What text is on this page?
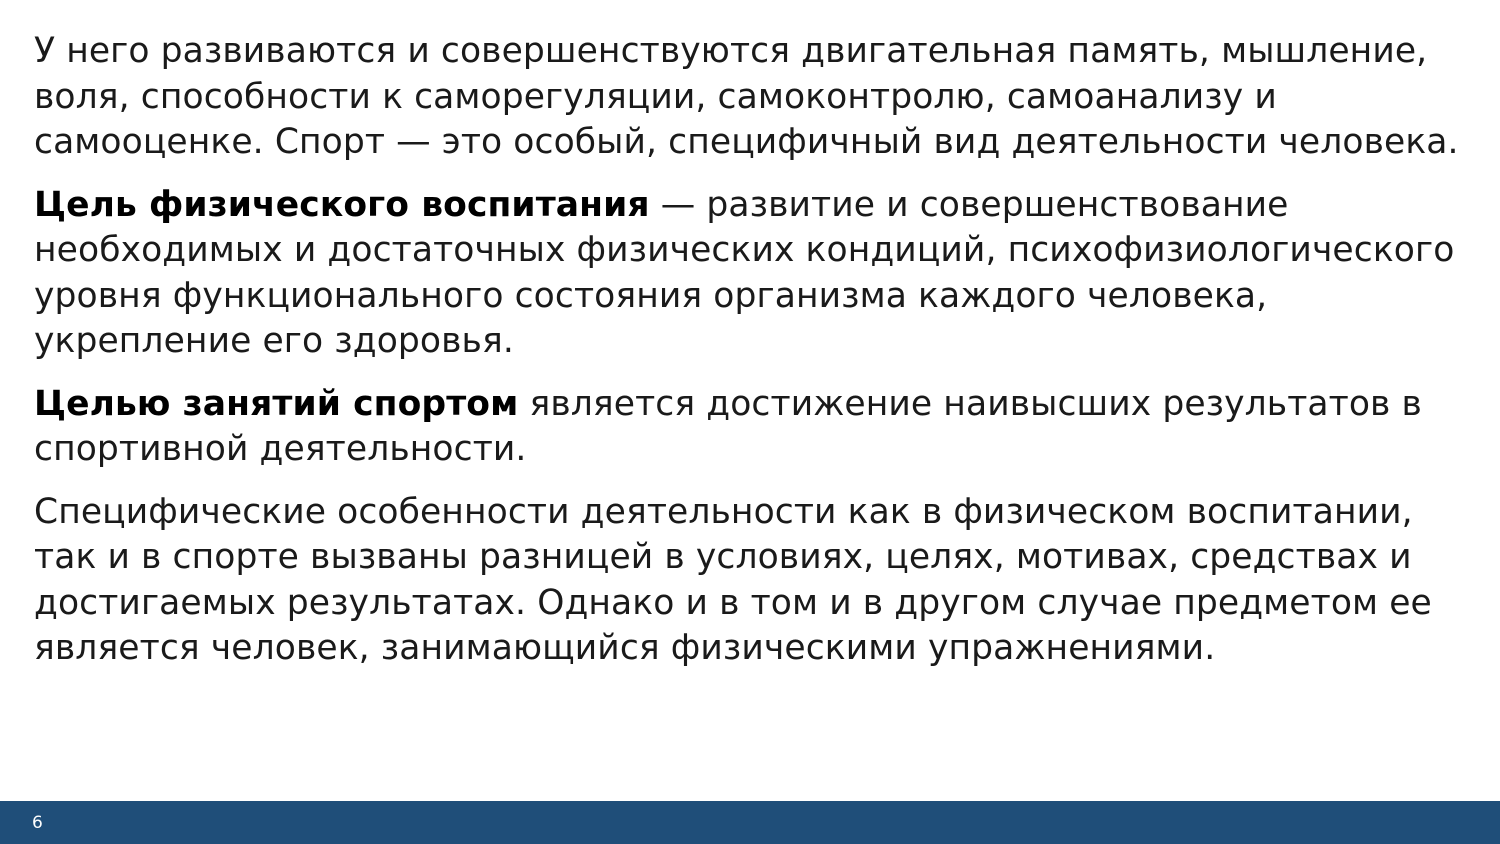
У него развиваются и совершенствуются двигательная память, мышление, воля, способности к саморегуляции, самоконтролю, самоанализу и самооценке. Спорт — это особый, специфичный вид деятельности человека.

Цель физического воспитания — развитие и совершенствование необходимых и достаточных физических кондиций, психофизиологического уровня функционального состояния организма каждого человека, укрепление его здоровья.

Целью занятий спортом является достижение наивысших результатов в спортивной деятельности.

Специфические особенности деятельности как в физическом воспитании, так и в спорте вызваны разницей в условиях, целях, мотивах, средствах и достигаемых результатах. Однако и в том и в другом случае предметом ее является человек, занимающийся физическими упражнениями.

6
